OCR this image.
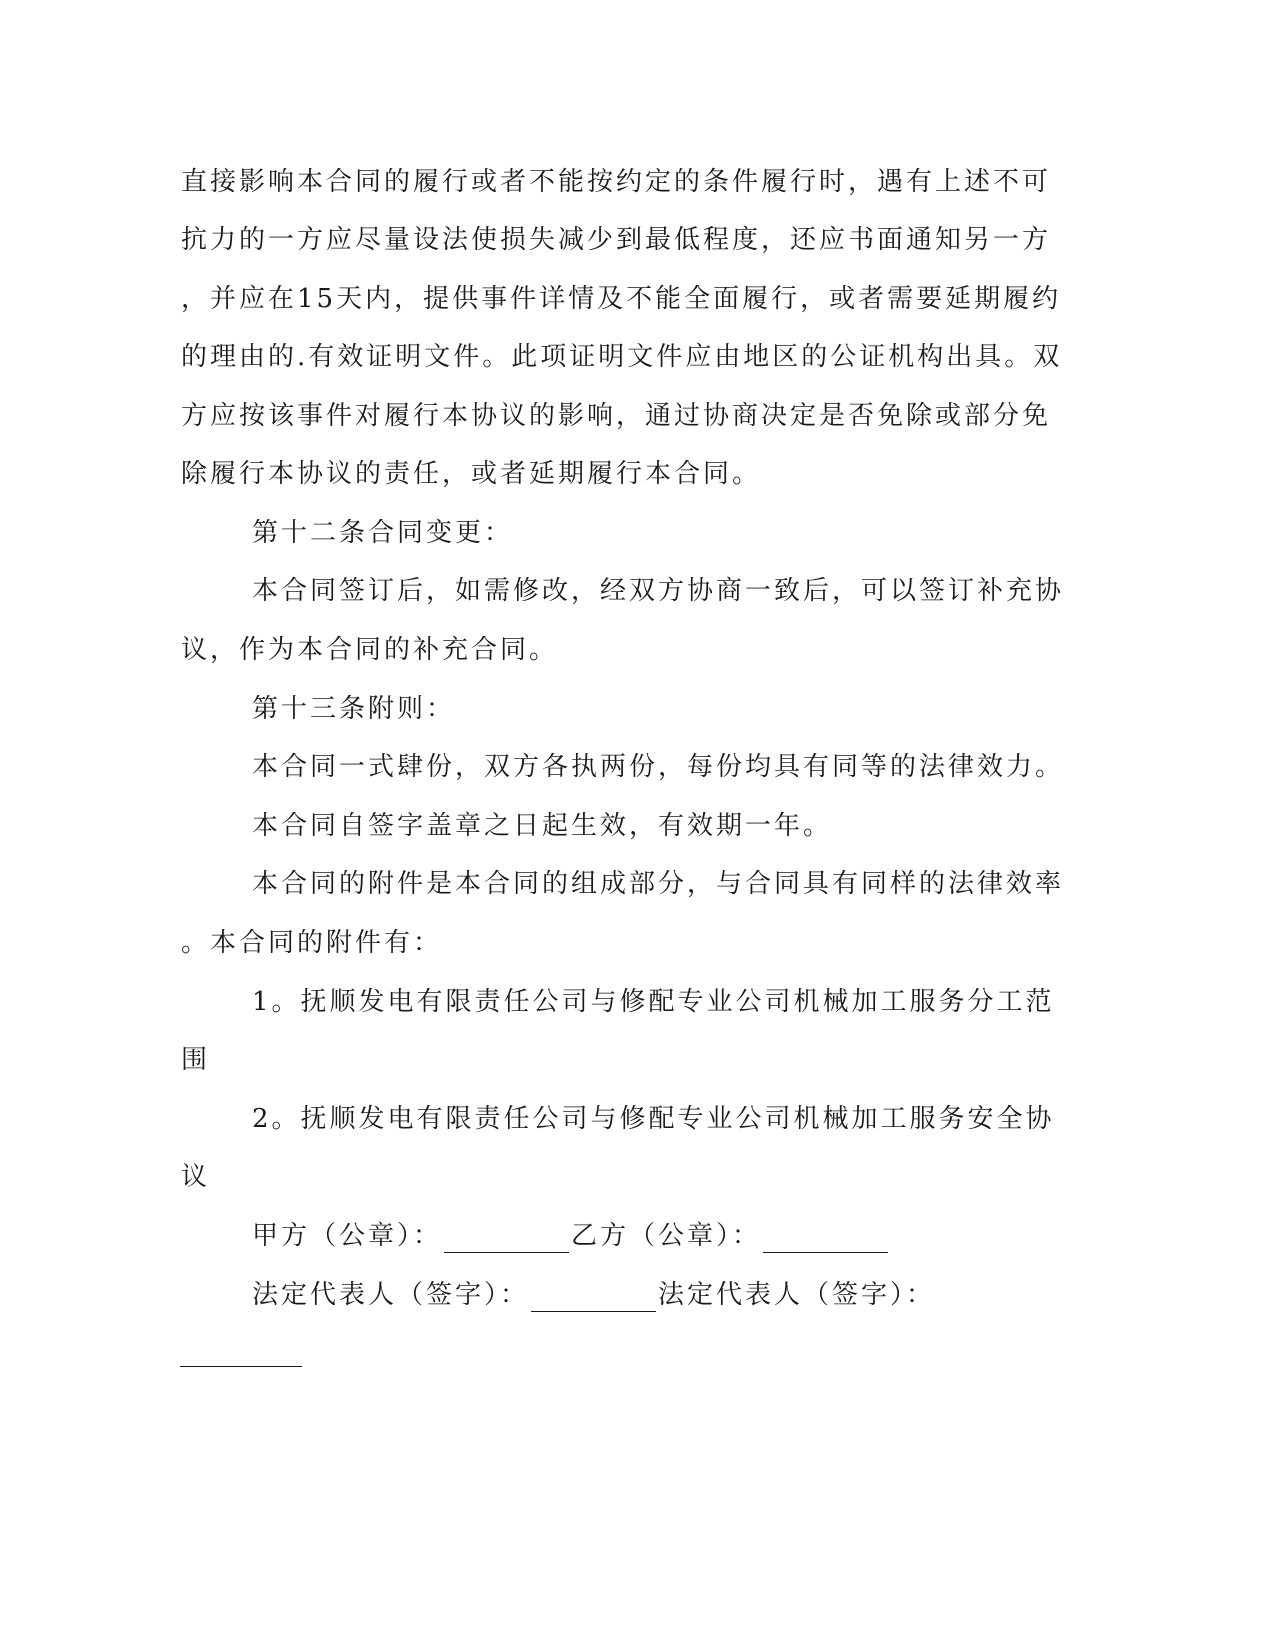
直接影响本合同的履行或者不能按约定的条件履行时，遇有上述不可
抗力的一方应尽量设法使损失减少到最低程度，还应书面通知另一方
，并应在15天内，提供事件详情及不能全面履行，或者需要延期履约
的理由的.有效证明文件。此项证明文件应由地区的公证机构出具。双
方应按该事件对履行本协议的影响，通过协商决定是否免除或部分免
除履行本协议的责任，或者延期履行本合同。
第十二条合同变更：
本合同签订后，如需修改，经双方协商一致后，可以签订补充协
议，作为本合同的补充合同。
第十三条附则：
本合同一式肆份，双方各执两份，每份均具有同等的法律效力。
本合同自签字盖章之日起生效，有效期一年。
本合同的附件是本合同的组成部分，与合同具有同样的法律效率
。本合同的附件有：
1。抚顺发电有限责任公司与修配专业公司机械加工服务分工范
围
2。抚顺发电有限责任公司与修配专业公司机械加工服务安全协
议
甲方（公章）：	乙方（公章）：
法定代表人（签字）：	法定代表人（签字）：
